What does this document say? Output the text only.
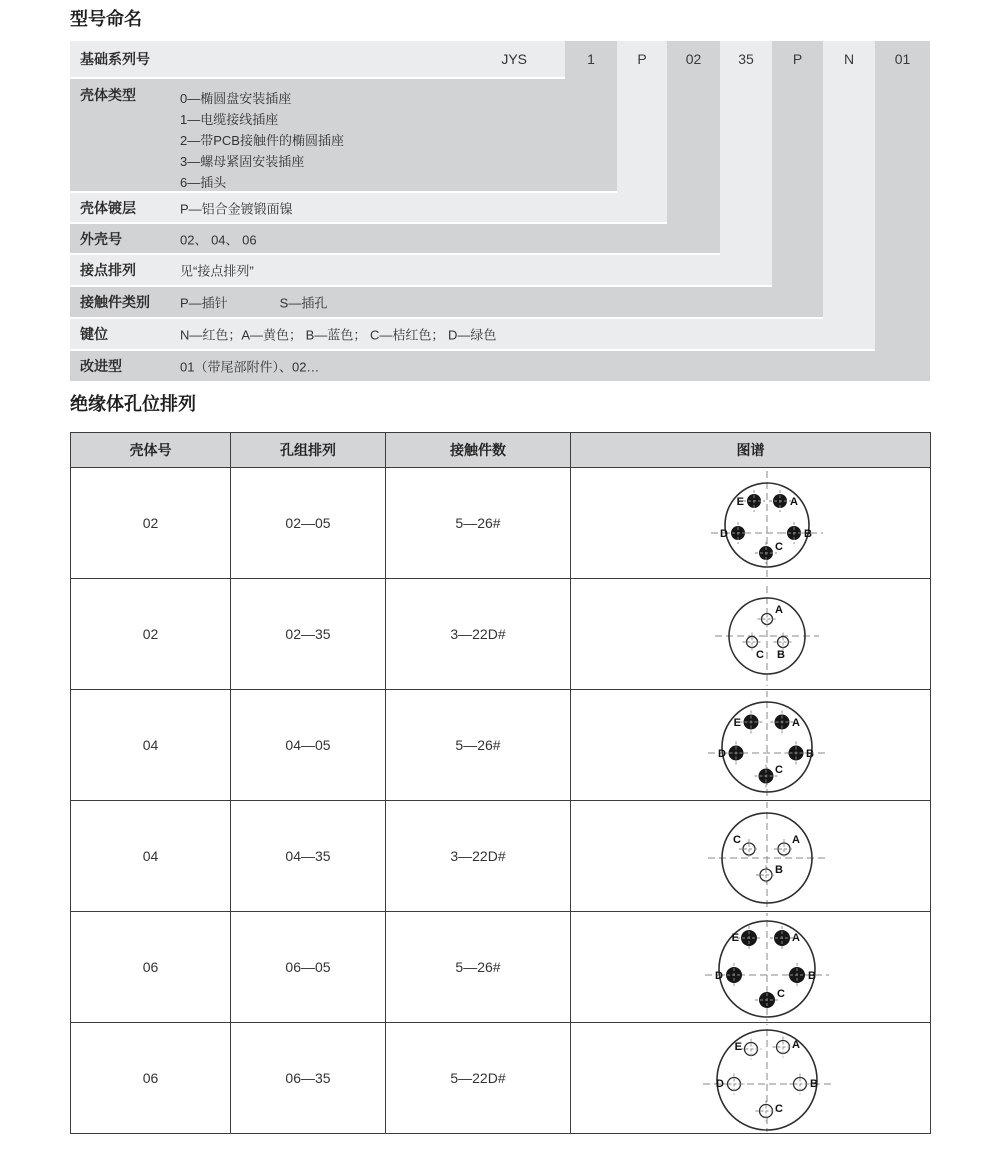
型号命名
基础系列号	JYS
壳体类型	0—椭圆盘安装插座
1—电缆接线插座
2—带PCB接触件的椭圆插座
3—螺母紧固安装插座
6—插头
壳体镀层	P—铝合金镀锻面镍
外壳号	02、 04、 06
接点排列	见“接点排列”
接触件类别 P—插针　　　　S—插孔
键位	N—红色；A—黄色； B—蓝色； C—桔红色； D—绿色
改进型	01（带尾部附件）、02…
1	P	02	35	P	N	01
绝缘体孔位排列
壳体号	孔组排列	接触件数	图谱
02	02—05	5—26#	E A
D B
C

02	02—35	3—22D#	A
C B

04	04—05	5—26#	E A
D B
C

04	04—35	3—22D#	C A
B

06	06—05	5—26#	E A
D B
C

06	06—35	5—22D#	E A
D B
C
